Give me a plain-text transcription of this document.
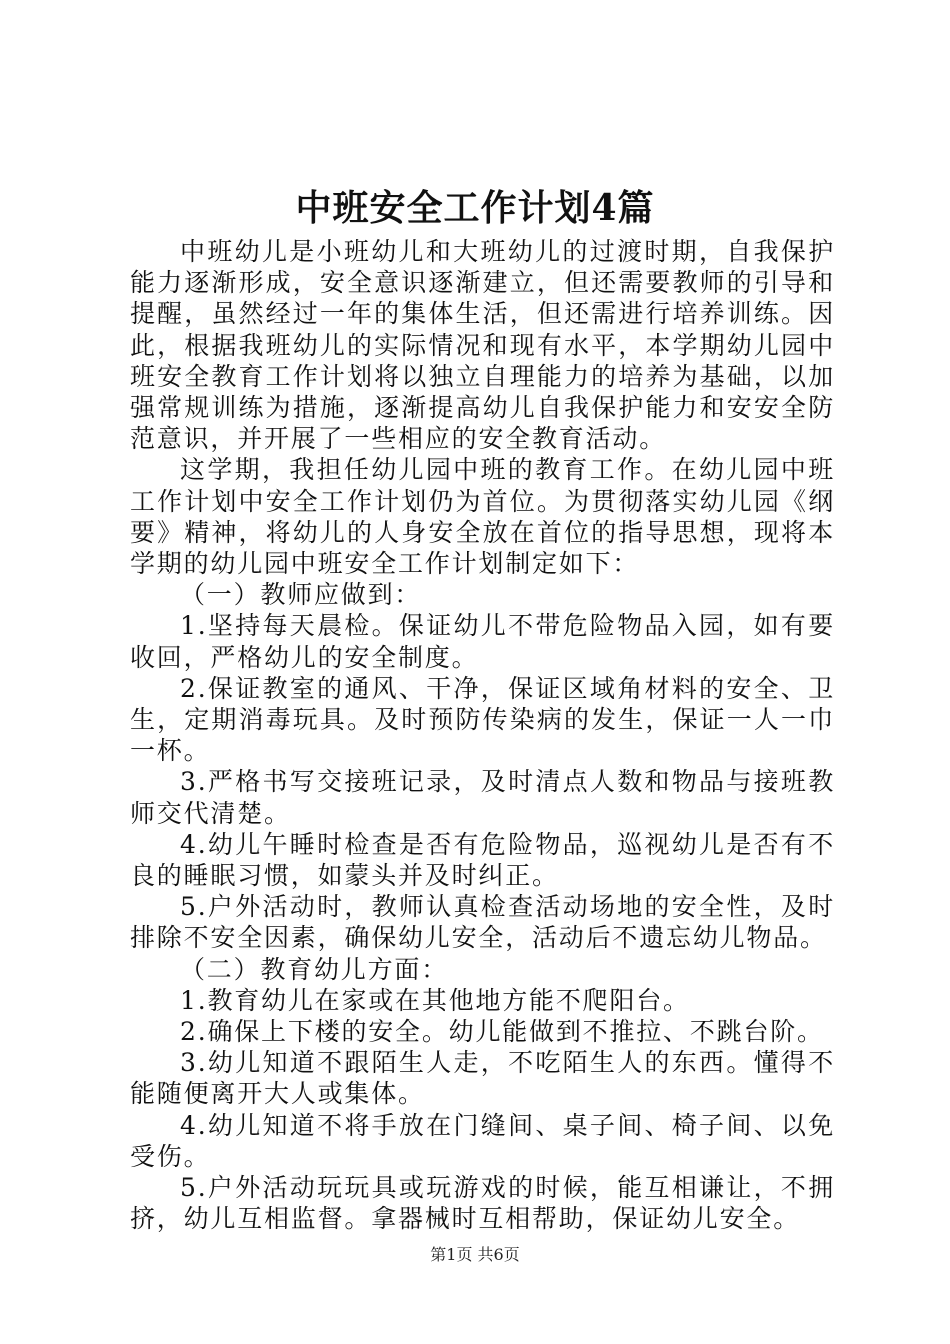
中班安全工作计划4篇

中班幼儿是小班幼儿和大班幼儿的过渡时期，自我保护能力逐渐形成，安全意识逐渐建立，但还需要教师的引导和提醒，虽然经过一年的集体生活，但还需进行培养训练。因此，根据我班幼儿的实际情况和现有水平，本学期幼儿园中班安全教育工作计划将以独立自理能力的培养为基础，以加强常规训练为措施，逐渐提高幼儿自我保护能力和安安全防范意识，并开展了一些相应的安全教育活动。

这学期，我担任幼儿园中班的教育工作。在幼儿园中班工作计划中安全工作计划仍为首位。为贯彻落实幼儿园《纲要》精神，将幼儿的人身安全放在首位的指导思想，现将本学期的幼儿园中班安全工作计划制定如下：

（一）教师应做到：

1.坚持每天晨检。保证幼儿不带危险物品入园，如有要收回，严格幼儿的安全制度。

2.保证教室的通风、干净，保证区域角材料的安全、卫生，定期消毒玩具。及时预防传染病的发生，保证一人一巾一杯。

3.严格书写交接班记录，及时清点人数和物品与接班教师交代清楚。

4.幼儿午睡时检查是否有危险物品，巡视幼儿是否有不良的睡眠习惯，如蒙头并及时纠正。

5.户外活动时，教师认真检查活动场地的安全性，及时排除不安全因素，确保幼儿安全，活动后不遗忘幼儿物品。

（二）教育幼儿方面：

1.教育幼儿在家或在其他地方能不爬阳台。

2.确保上下楼的安全。幼儿能做到不推拉、不跳台阶。

3.幼儿知道不跟陌生人走，不吃陌生人的东西。懂得不能随便离开大人或集体。

4.幼儿知道不将手放在门缝间、桌子间、椅子间、以免受伤。

5.户外活动玩玩具或玩游戏的时候，能互相谦让，不拥挤，幼儿互相监督。拿器械时互相帮助，保证幼儿安全。

第1页 共6页
